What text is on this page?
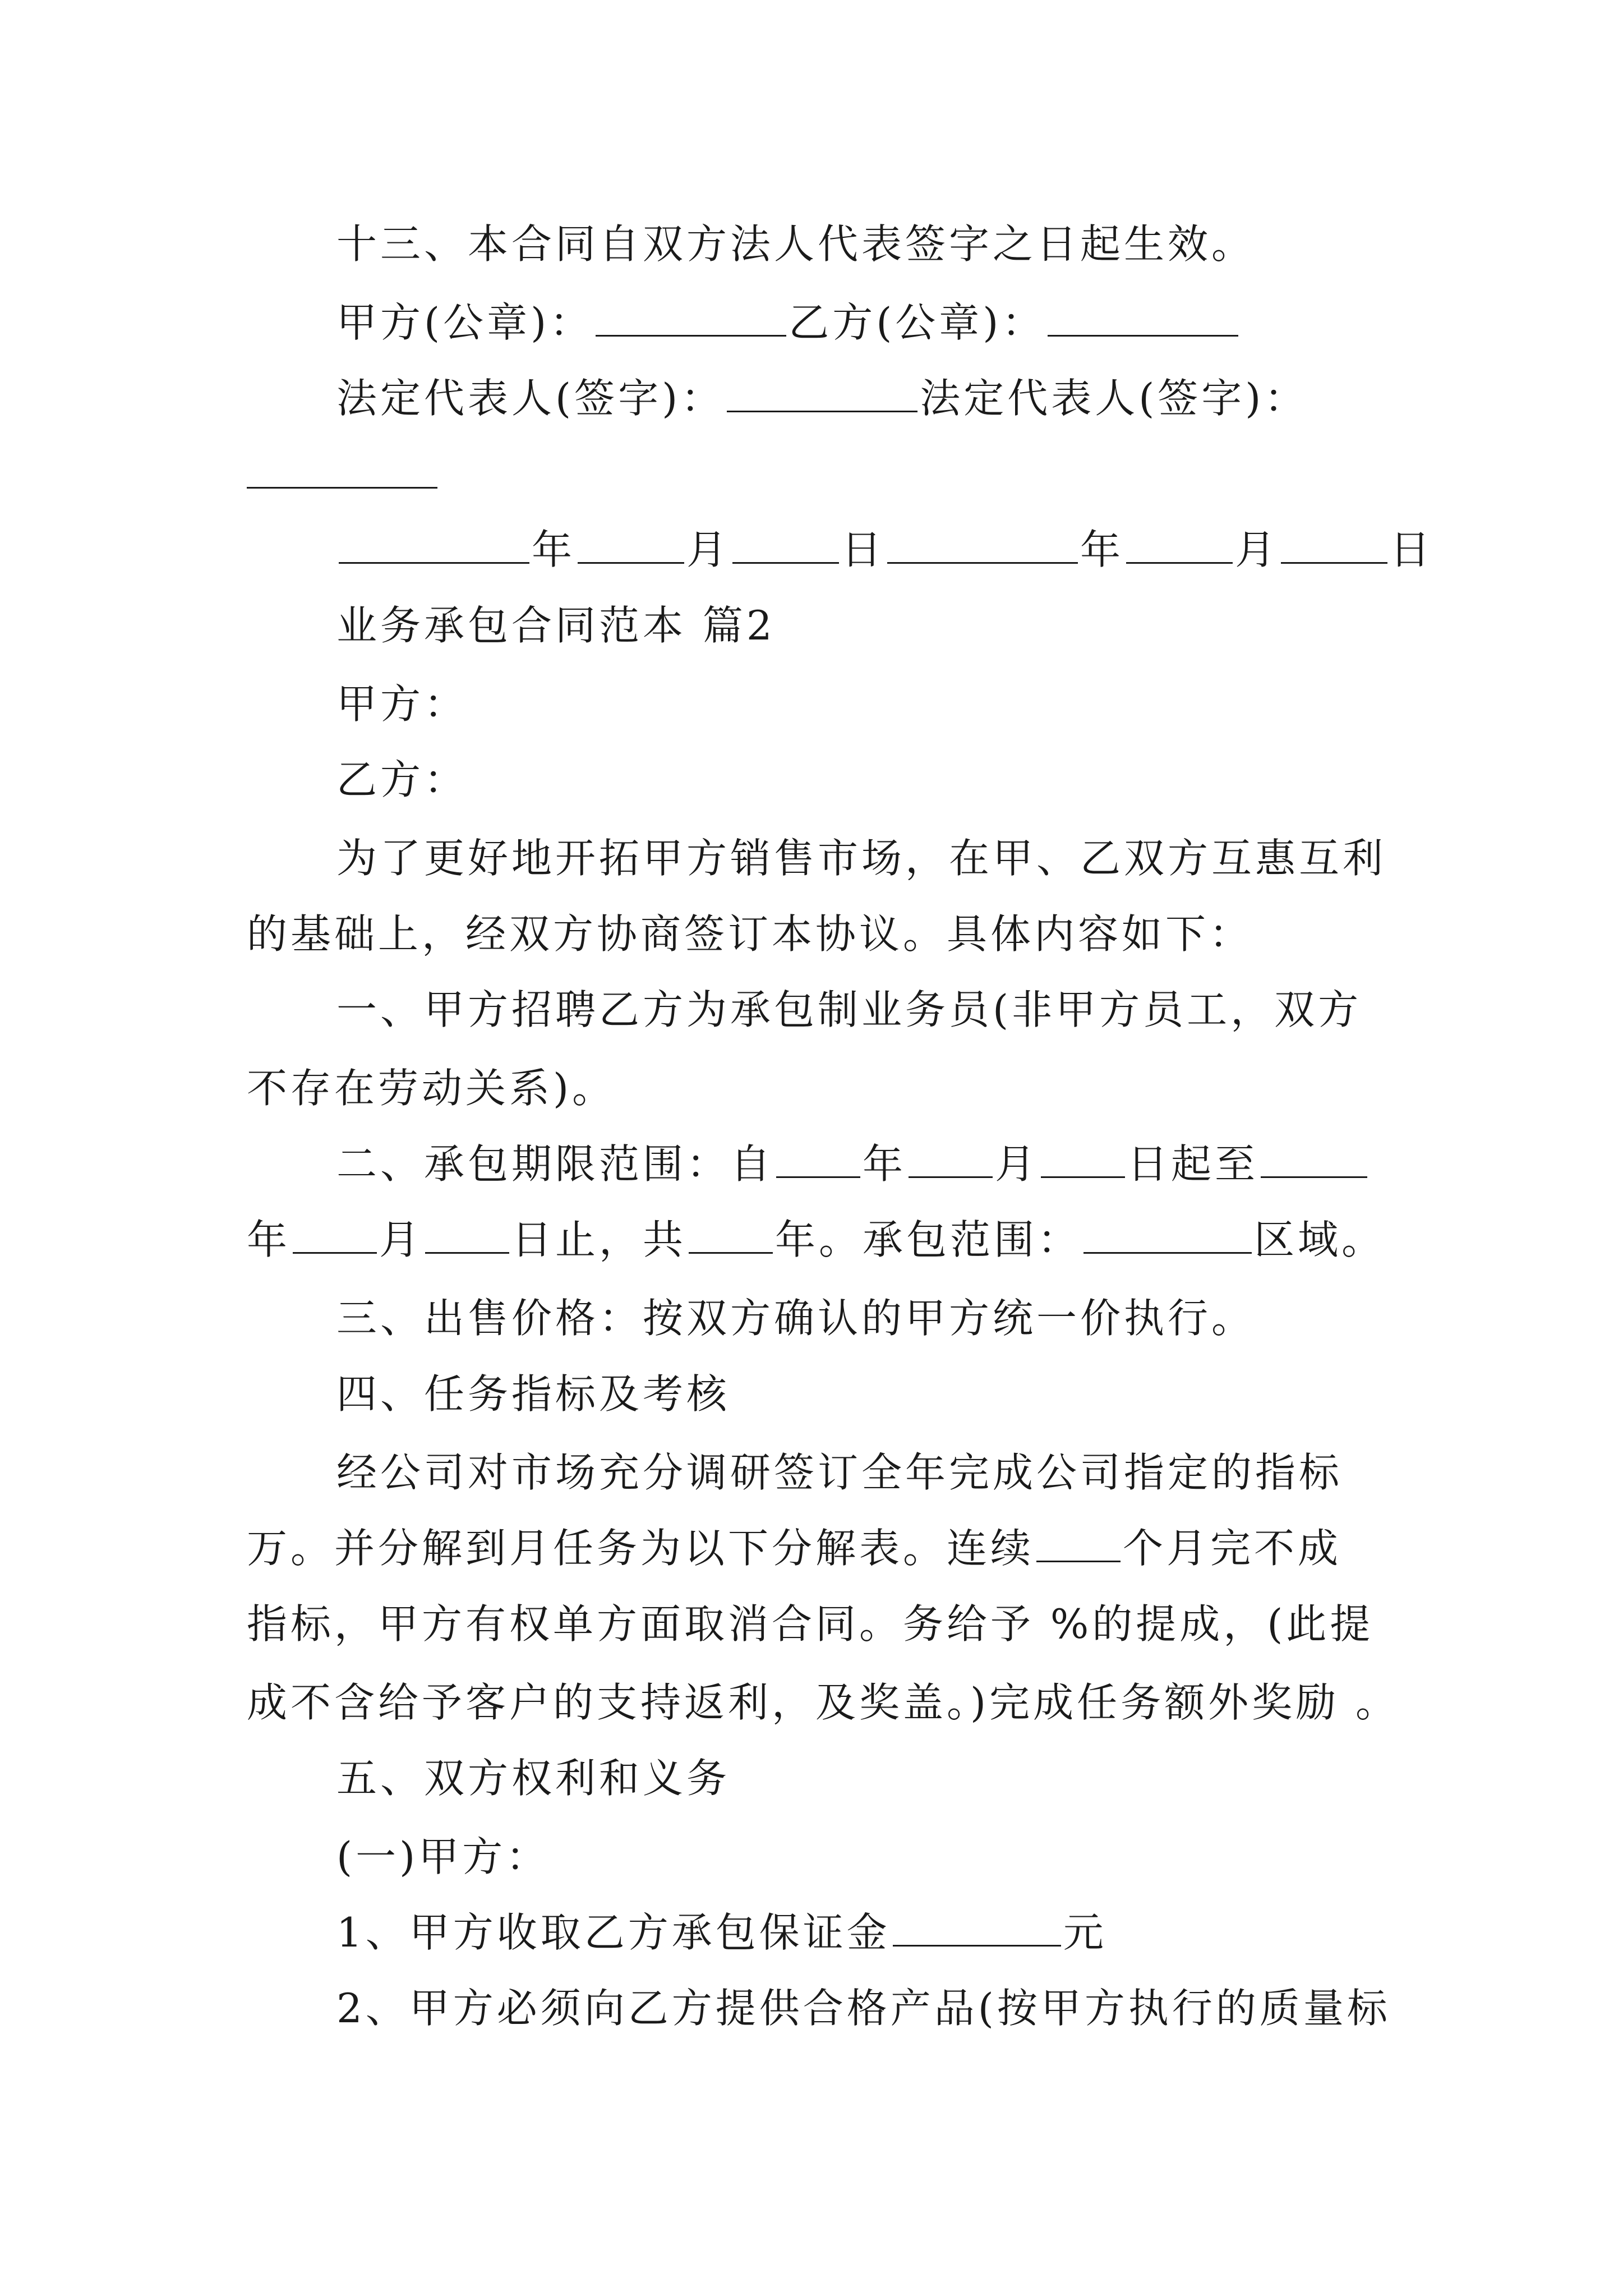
十三、本合同自双方法人代表签字之日起生效。
甲方(公章)：	乙方(公章)：
法定代表人(签字)：	法定代表人(签字)：
年	月	日	年	月	日
业务承包合同范本 篇2
甲方：
乙方：
为了更好地开拓甲方销售市场，在甲、乙双方互惠互利
的基础上，经双方协商签订本协议。具体内容如下：
一、甲方招聘乙方为承包制业务员(非甲方员工，双方
不存在劳动关系)。
二、承包期限范围：自 年 月 日起至
年 月 日止，共 年。承包范围：	区域。
三、出售价格：按双方确认的甲方统一价执行。
四、任务指标及考核
经公司对市场充分调研签订全年完成公司指定的指标
万。并分解到月任务为以下分解表。连续 个月完不成
指标，甲方有权单方面取消合同。务给予 %的提成，(此提
成不含给予客户的支持返利，及奖盖。)完成任务额外奖励 。
五、双方权利和义务
(一)甲方：
1、甲方收取乙方承包保证金	元
2、甲方必须向乙方提供合格产品(按甲方执行的质量标
